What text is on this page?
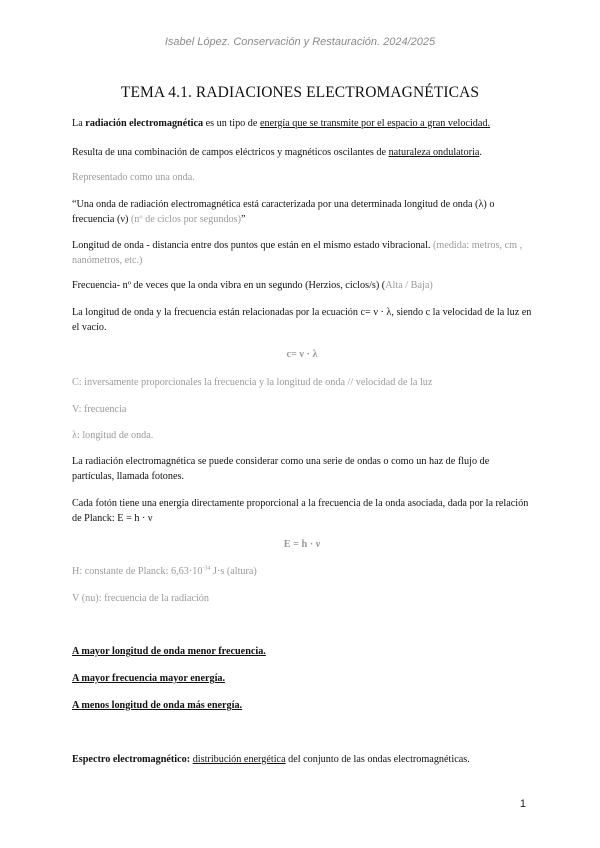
Isabel López. Conservación y Restauración. 2024/2025
TEMA 4.1. RADIACIONES ELECTROMAGNÉTICAS
La radiación electromagnética es un tipo de energía que se transmite por el espacio a gran velocidad.
Resulta de una combinación de campos eléctricos y magnéticos oscilantes de naturaleza ondulatoria.
Representado como una onda.
“Una onda de radiación electromagnética está caracterizada por una determinada longitud de onda (λ) o frecuencia (ν) (nº de ciclos por segundos)”
Longitud de onda - distancia entre dos puntos que están en el mismo estado vibracional. (medida: metros, cm , nanómetros, etc.)
Frecuencia- nº de veces que la onda vibra en un segundo (Herzios, ciclos/s) (Alta / Baja)
La longitud de onda y la frecuencia están relacionadas por la ecuación c= ν · λ, siendo c la velocidad de la luz en el vacío.
c= ν · λ
C: inversamente proporcionales la frecuencia y la longitud de onda // velocidad de la luz
V: frecuencia
λ: longitud de onda.
La radiación electromagnética se puede considerar como una serie de ondas o como un haz de flujo de partículas, llamada fotones.
Cada fotón tiene una energía directamente proporcional a la frecuencia de la onda asociada, dada por la relación de Planck: E = h · ν
E = h · ν
H: constante de Planck: $6,63\cdot 10^{-34}$ J·s (altura)
V (nu): frecuencia de la radiación
A mayor longitud de onda menor frecuencia.
A mayor frecuencia mayor energía.
A menos longitud de onda más energía.
Espectro electromagnético: distribución energética del conjunto de las ondas electromagnéticas.
1
